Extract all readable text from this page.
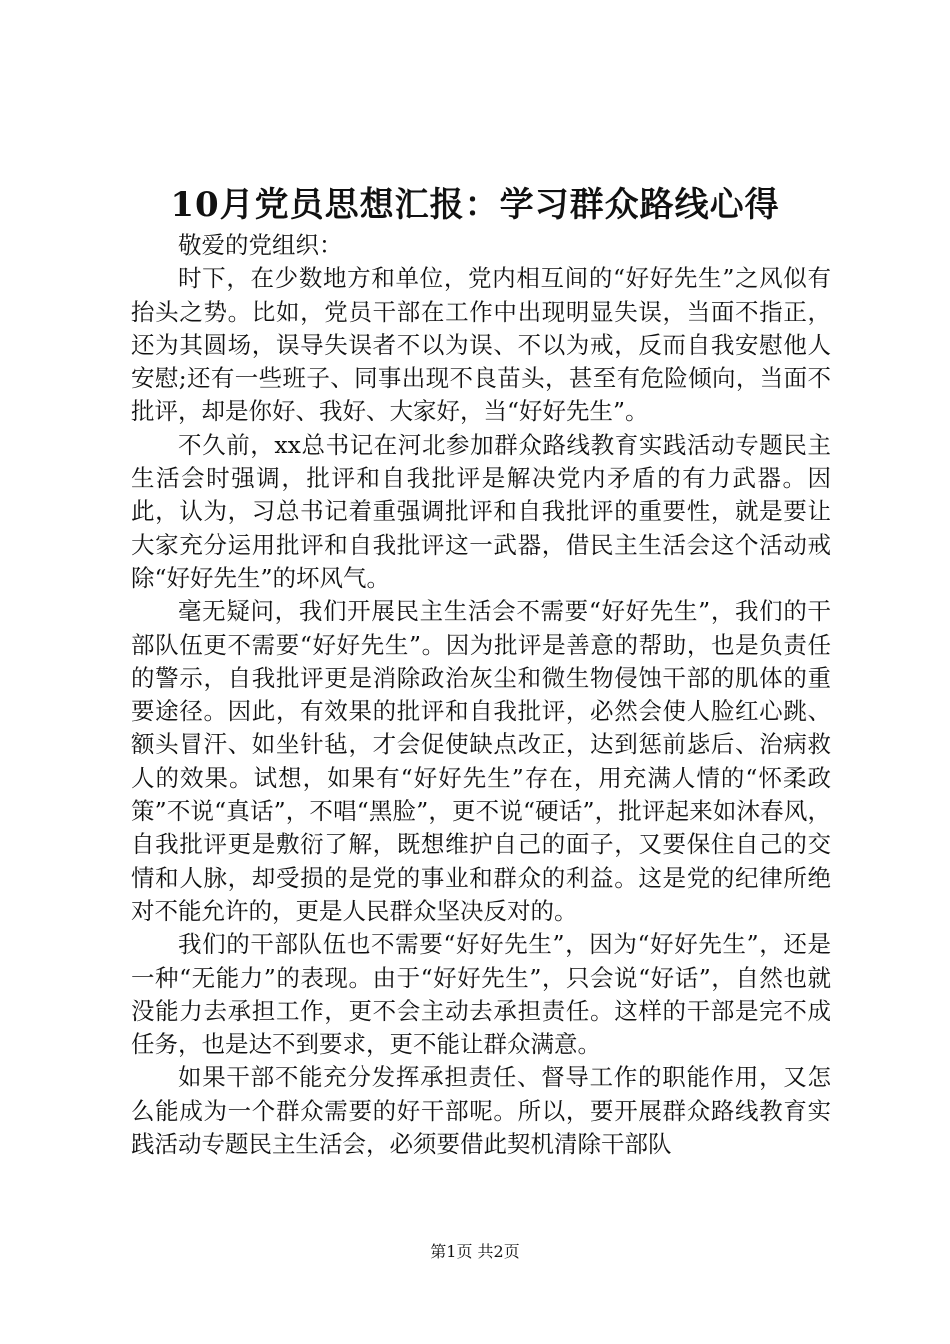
10月党员思想汇报：学习群众路线心得

敬爱的党组织：

时下，在少数地方和单位，党内相互间的“好好先生”之风似有抬头之势。比如，党员干部在工作中出现明显失误，当面不指正，还为其圆场，误导失误者不以为误、不以为戒，反而自我安慰他人安慰;还有一些班子、同事出现不良苗头，甚至有危险倾向，当面不批评，却是你好、我好、大家好，当“好好先生”。

不久前，xx总书记在河北参加群众路线教育实践活动专题民主生活会时强调，批评和自我批评是解决党内矛盾的有力武器。因此，认为，习总书记着重强调批评和自我批评的重要性，就是要让大家充分运用批评和自我批评这一武器，借民主生活会这个活动戒除“好好先生”的坏风气。

毫无疑问，我们开展民主生活会不需要“好好先生”，我们的干部队伍更不需要“好好先生”。因为批评是善意的帮助，也是负责任的警示，自我批评更是消除政治灰尘和微生物侵蚀干部的肌体的重要途径。因此，有效果的批评和自我批评，必然会使人脸红心跳、额头冒汗、如坐针毡，才会促使缺点改正，达到惩前毖后、治病救人的效果。试想，如果有“好好先生”存在，用充满人情的“怀柔政策”不说“真话”，不唱“黑脸”，更不说“硬话”，批评起来如沐春风，自我批评更是敷衍了解，既想维护自己的面子，又要保住自己的交情和人脉，却受损的是党的事业和群众的利益。这是党的纪律所绝对不能允许的，更是人民群众坚决反对的。

我们的干部队伍也不需要“好好先生”，因为“好好先生”，还是一种“无能力”的表现。由于“好好先生”，只会说“好话”，自然也就没能力去承担工作，更不会主动去承担责任。这样的干部是完不成任务，也是达不到要求，更不能让群众满意。

如果干部不能充分发挥承担责任、督导工作的职能作用，又怎么能成为一个群众需要的好干部呢。所以，要开展群众路线教育实践活动专题民主生活会，必须要借此契机清除干部队

第1页 共2页
